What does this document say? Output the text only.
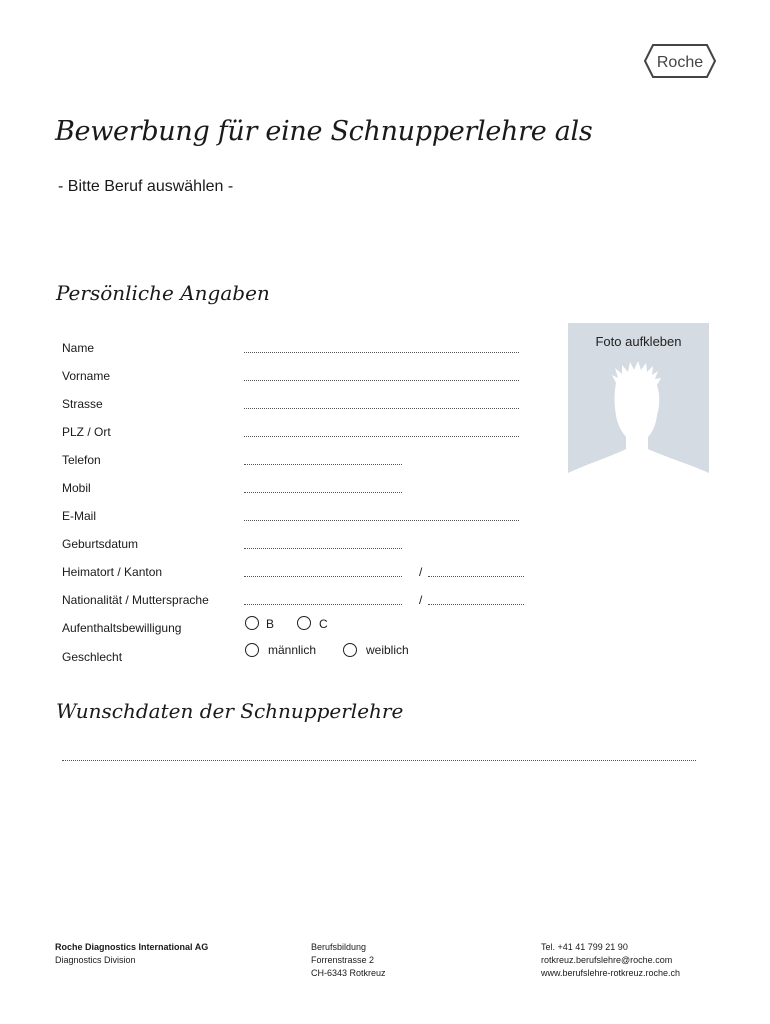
Roche
Bewerbung für eine Schnupperlehre als
- Bitte Beruf auswählen -
Persönliche Angaben
Name
Vorname
Strasse
PLZ / Ort
Telefon
Mobil
E-Mail
Geburtsdatum
Heimatort / Kanton	/
Nationalität / Muttersprache	/
Aufenthaltsbewilligung	B	C
Geschlecht	männlich	weiblich
Foto aufkleben
Wunschdaten der Schnupperlehre
Roche Diagnostics International AG
Diagnostics Division
Berufsbildung
Forrenstrasse 2
CH-6343 Rotkreuz
Tel. +41 41 799 21 90
rotkreuz.berufslehre@roche.com
www.berufslehre-rotkreuz.roche.ch
